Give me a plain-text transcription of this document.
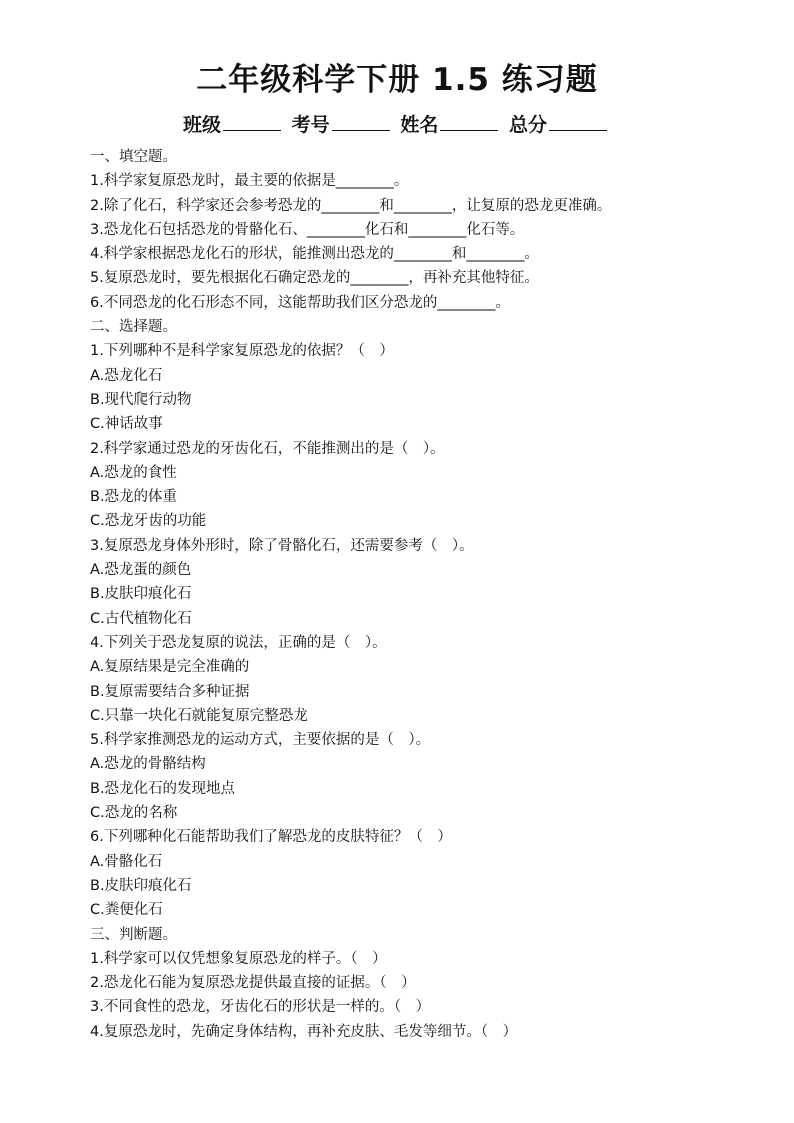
二年级科学下册 1.5 练习题
班级	考号	姓名	总分
一、填空题。
1.科学家复原恐龙时，最主要的依据是________。
2.除了化石，科学家还会参考恐龙的________和________，让复原的恐龙更准确。
3.恐龙化石包括恐龙的骨骼化石、________化石和________化石等。
4.科学家根据恐龙化石的形状，能推测出恐龙的________和________。
5.复原恐龙时，要先根据化石确定恐龙的________，再补充其他特征。
6.不同恐龙的化石形态不同，这能帮助我们区分恐龙的________。
二、选择题。
1.下列哪种不是科学家复原恐龙的依据？（　）
A.恐龙化石
B.现代爬行动物
C.神话故事
2.科学家通过恐龙的牙齿化石，不能推测出的是（　）。
A.恐龙的食性
B.恐龙的体重
C.恐龙牙齿的功能
3.复原恐龙身体外形时，除了骨骼化石，还需要参考（　）。
A.恐龙蛋的颜色
B.皮肤印痕化石
C.古代植物化石
4.下列关于恐龙复原的说法，正确的是（　）。
A.复原结果是完全准确的
B.复原需要结合多种证据
C.只靠一块化石就能复原完整恐龙
5.科学家推测恐龙的运动方式，主要依据的是（　）。
A.恐龙的骨骼结构
B.恐龙化石的发现地点
C.恐龙的名称
6.下列哪种化石能帮助我们了解恐龙的皮肤特征？（　）
A.骨骼化石
B.皮肤印痕化石
C.粪便化石
三、判断题。
1.科学家可以仅凭想象复原恐龙的样子。（　）
2.恐龙化石能为复原恐龙提供最直接的证据。（　）
3.不同食性的恐龙，牙齿化石的形状是一样的。（　）
4.复原恐龙时，先确定身体结构，再补充皮肤、毛发等细节。（　）
